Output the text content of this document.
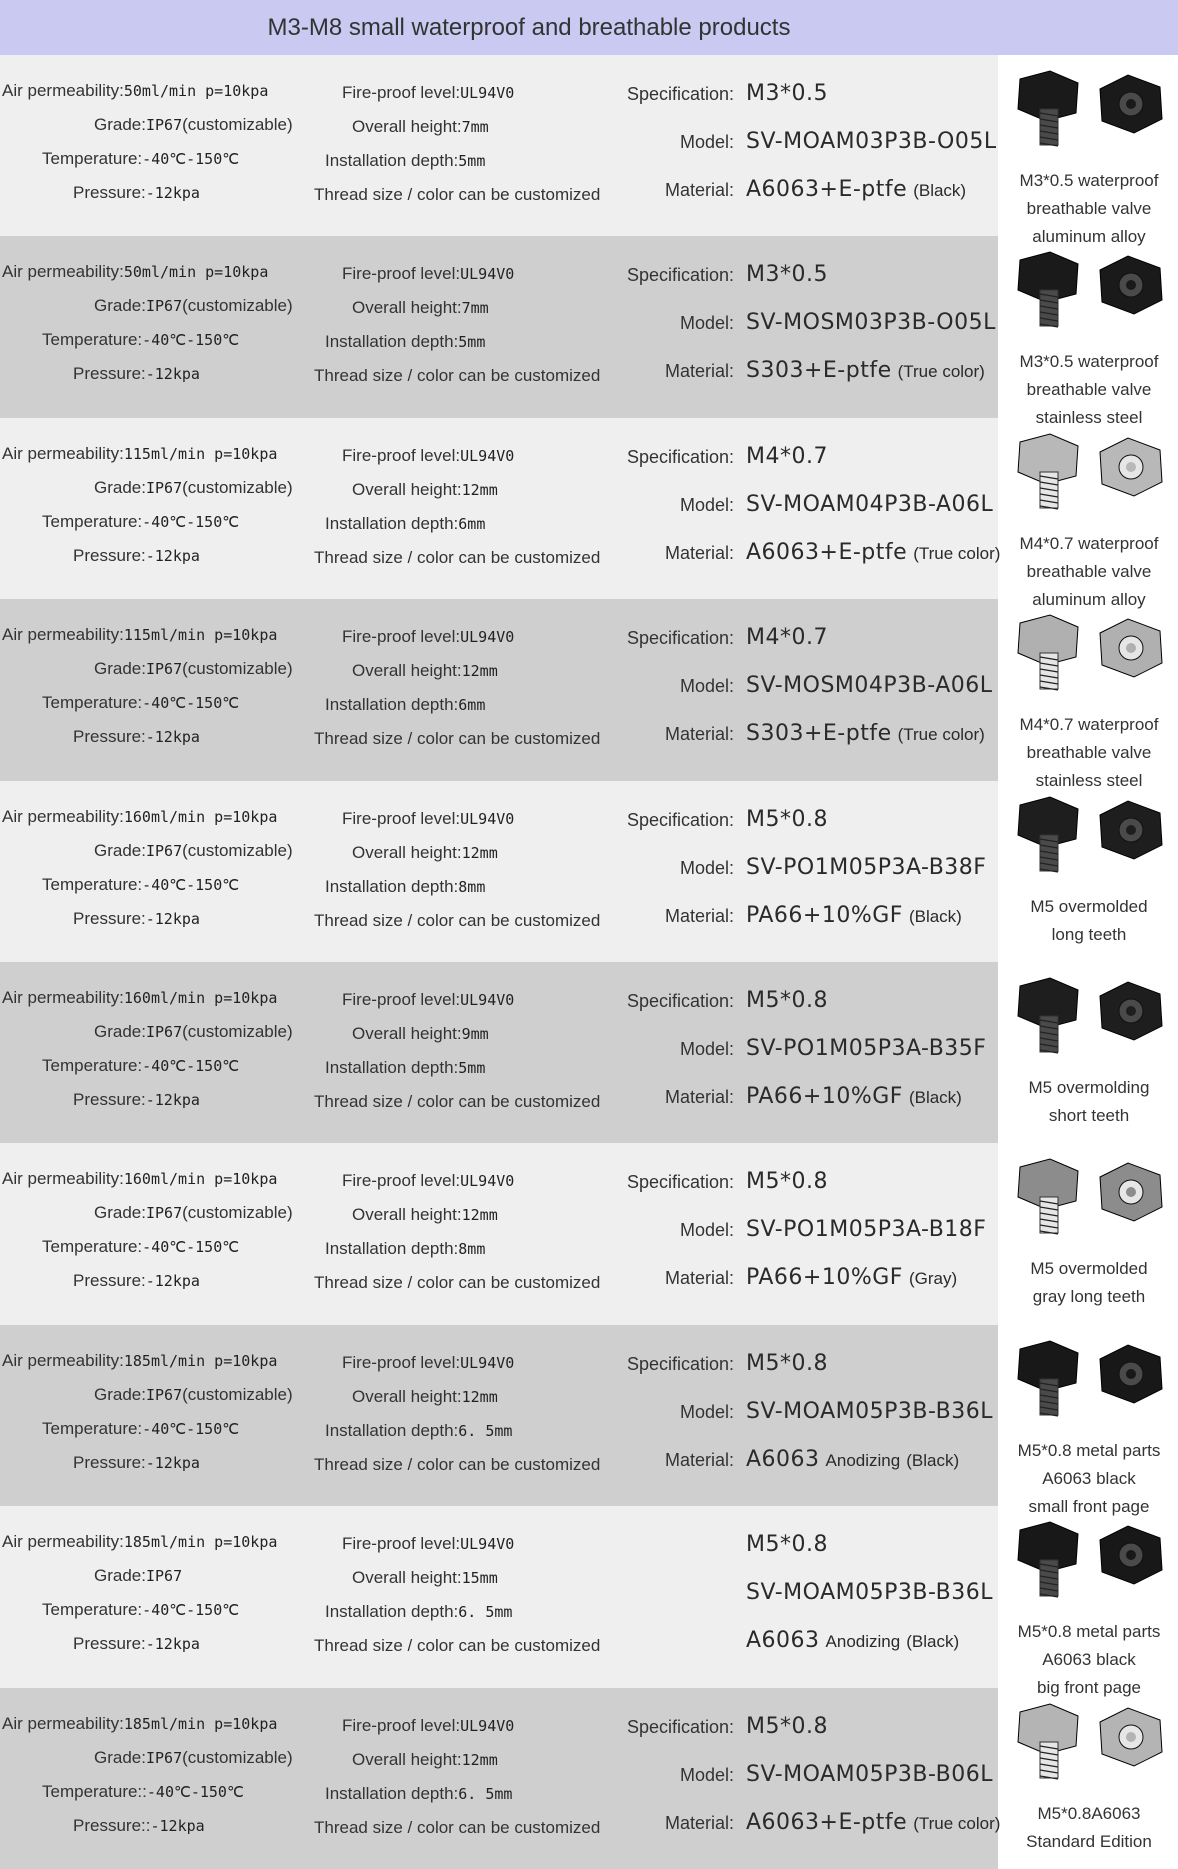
M3-M8 small waterproof and breathable products
Air permeability:50ml/min p=10kpa
Grade:IP67(customizable)
Temperature:-40℃-150℃
Pressure:-12kpa
Fire-proof level:UL94V0
Overall height:7mm
Installation depth:5mm
Thread size / color can be customized
Specification: M3*0.5
Model: SV-MOAM03P3B-O05L
Material: A6063+E-ptfe (Black)
M3*0.5 waterproof
breathable valve
aluminum alloy
Air permeability:50ml/min p=10kpa
Grade:IP67(customizable)
Temperature:-40℃-150℃
Pressure:-12kpa
Fire-proof level:UL94V0
Overall height:7mm
Installation depth:5mm
Thread size / color can be customized
Specification: M3*0.5
Model: SV-MOSM03P3B-O05L
Material: S303+E-ptfe (True color)
M3*0.5 waterproof
breathable valve
stainless steel
Air permeability:115ml/min p=10kpa
Grade:IP67(customizable)
Temperature:-40℃-150℃
Pressure:-12kpa
Fire-proof level:UL94V0
Overall height:12mm
Installation depth:6mm
Thread size / color can be customized
Specification: M4*0.7
Model: SV-MOAM04P3B-A06L
Material: A6063+E-ptfe (True color)
M4*0.7 waterproof
breathable valve
aluminum alloy
Air permeability:115ml/min p=10kpa
Grade:IP67(customizable)
Temperature:-40℃-150℃
Pressure:-12kpa
Fire-proof level:UL94V0
Overall height:12mm
Installation depth:6mm
Thread size / color can be customized
Specification: M4*0.7
Model: SV-MOSM04P3B-A06L
Material: S303+E-ptfe (True color)
M4*0.7 waterproof
breathable valve
stainless steel
Air permeability:160ml/min p=10kpa
Grade:IP67(customizable)
Temperature:-40℃-150℃
Pressure:-12kpa
Fire-proof level:UL94V0
Overall height:12mm
Installation depth:8mm
Thread size / color can be customized
Specification: M5*0.8
Model: SV-PO1M05P3A-B38F
Material: PA66+10%GF (Black)
M5 overmolded
long teeth
Air permeability:160ml/min p=10kpa
Grade:IP67(customizable)
Temperature:-40℃-150℃
Pressure:-12kpa
Fire-proof level:UL94V0
Overall height:9mm
Installation depth:5mm
Thread size / color can be customized
Specification: M5*0.8
Model: SV-PO1M05P3A-B35F
Material: PA66+10%GF (Black)
M5 overmolding
short teeth
Air permeability:160ml/min p=10kpa
Grade:IP67(customizable)
Temperature:-40℃-150℃
Pressure:-12kpa
Fire-proof level:UL94V0
Overall height:12mm
Installation depth:8mm
Thread size / color can be customized
Specification: M5*0.8
Model: SV-PO1M05P3A-B18F
Material: PA66+10%GF (Gray)
M5 overmolded
gray long teeth
Air permeability:185ml/min p=10kpa
Grade:IP67(customizable)
Temperature:-40℃-150℃
Pressure:-12kpa
Fire-proof level:UL94V0
Overall height:12mm
Installation depth:6. 5mm
Thread size / color can be customized
Specification: M5*0.8
Model: SV-MOAM05P3B-B36L
Material: A6063 Anodizing (Black)
M5*0.8 metal parts
A6063 black
small front page
Air permeability:185ml/min p=10kpa
Grade:IP67
Temperature:-40℃-150℃
Pressure:-12kpa
Fire-proof level:UL94V0
Overall height:15mm
Installation depth:6. 5mm
Thread size / color can be customized
M5*0.8
SV-MOAM05P3B-B36L
A6063 Anodizing (Black)
M5*0.8 metal parts
A6063 black
big front page
Air permeability:185ml/min p=10kpa
Grade:IP67(customizable)
Temperature::-40℃-150℃
Pressure::-12kpa
Fire-proof level:UL94V0
Overall height:12mm
Installation depth:6. 5mm
Thread size / color can be customized
Specification: M5*0.8
Model: SV-MOAM05P3B-B06L
Material: A6063+E-ptfe (True color)
M5*0.8A6063
Standard Edition
